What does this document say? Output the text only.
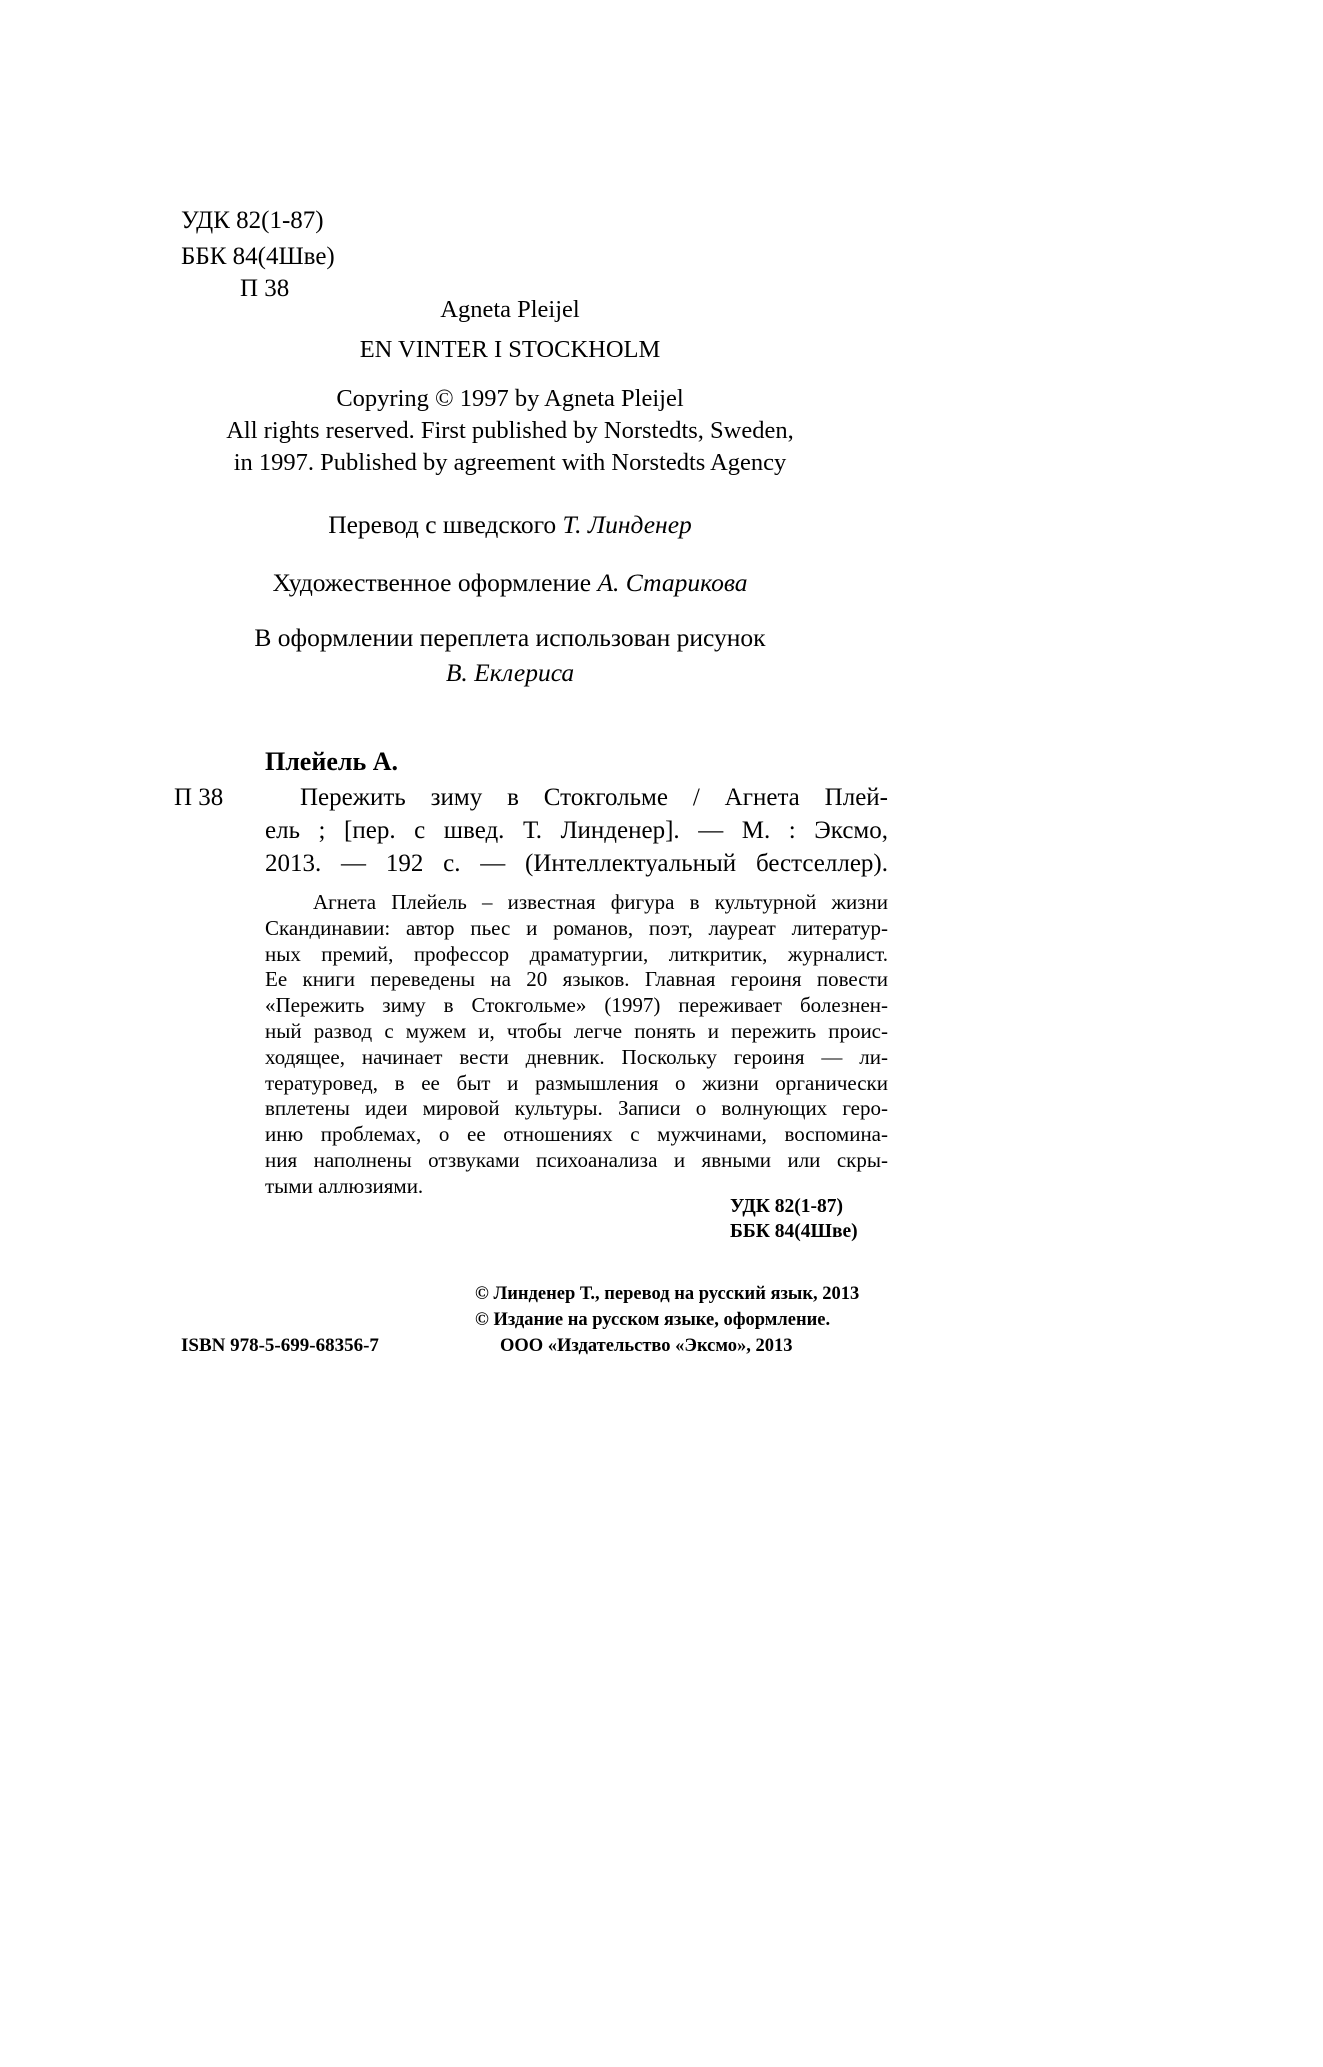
УДК 82(1-87)
ББК 84(4Шве)
П 38
Agneta Pleijel
EN VINTER I STOCKHOLM
Copyring © 1997 by Agneta Pleijel
All rights reserved. First published by Norstedts, Sweden,
in 1997. Published by agreement with Norstedts Agency
Перевод с шведского Т. Линденер
Художественное оформление А. Старикова
В оформлении переплета использован рисунок
В. Еклериса
Плейель А.
П 38	Пережить зиму в Стокгольме / Агнета Плей-
ель ; [пер. с швед. Т. Линденер]. — М. : Эксмо,
2013. — 192 с. — (Интеллектуальный бестселлер).
Агнета Плейель – известная фигура в культурной жизни
Скандинавии: автор пьес и романов, поэт, лауреат литератур-
ных премий, профессор драматургии, литкритик, журналист.
Ее книги переведены на 20 языков. Главная героиня повести
«Пережить зиму в Стокгольме» (1997) переживает болезнен-
ный развод с мужем и, чтобы легче понять и пережить проис-
ходящее, начинает вести дневник. Поскольку героиня — ли-
тературовед, в ее быт и размышления о жизни органически
вплетены идеи мировой культуры. Записи о волнующих геро-
иню проблемах, о ее отношениях с мужчинами, воспомина-
ния наполнены отзвуками психоанализа и явными или скры-
тыми аллюзиями.
УДК 82(1-87)
ББК 84(4Шве)
© Линденер Т., перевод на русский язык, 2013
© Издание на русском языке, оформление.
ООО «Издательство «Эксмо», 2013
ISBN 978-5-699-68356-7
